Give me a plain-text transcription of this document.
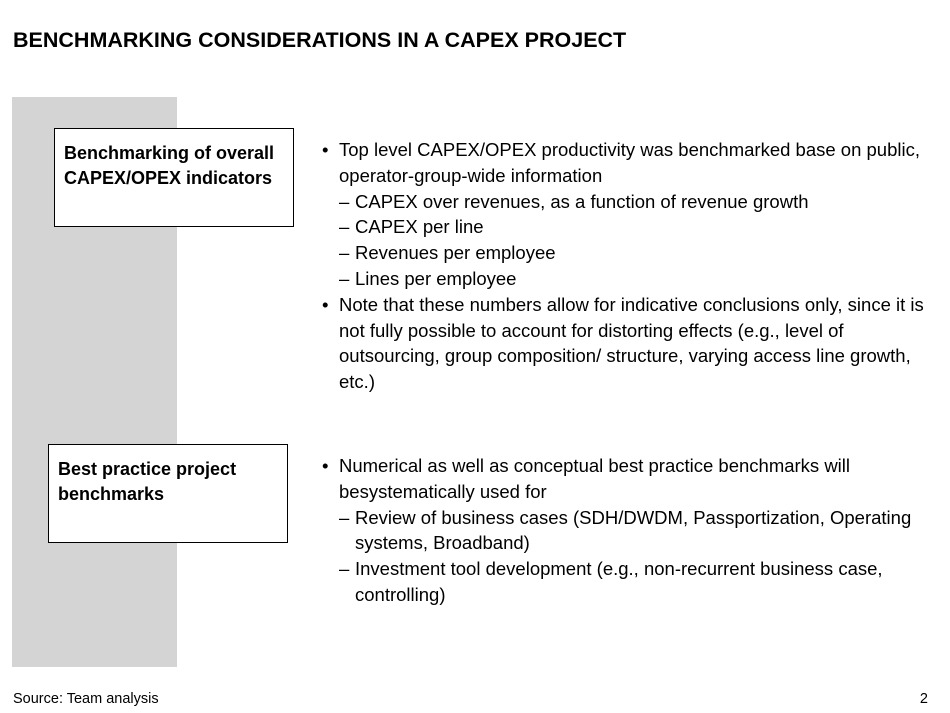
BENCHMARKING CONSIDERATIONS IN A CAPEX PROJECT
Benchmarking of overall CAPEX/OPEX indicators
Best practice project benchmarks
• Top level CAPEX/OPEX productivity was benchmarked base on public, operator-group-wide information
– CAPEX over revenues, as a function of revenue growth
– CAPEX per line
– Revenues per employee
– Lines per employee
• Note that these numbers allow for indicative conclusions only, since it is not fully possible to account for distorting effects (e.g., level of outsourcing, group composition/ structure, varying access line growth, etc.)
• Numerical as well as conceptual best practice benchmarks will besystematically used for
– Review of business cases (SDH/DWDM, Passportization, Operating systems, Broadband)
– Investment tool development (e.g., non-recurrent business case, controlling)
Source: Team analysis	2
